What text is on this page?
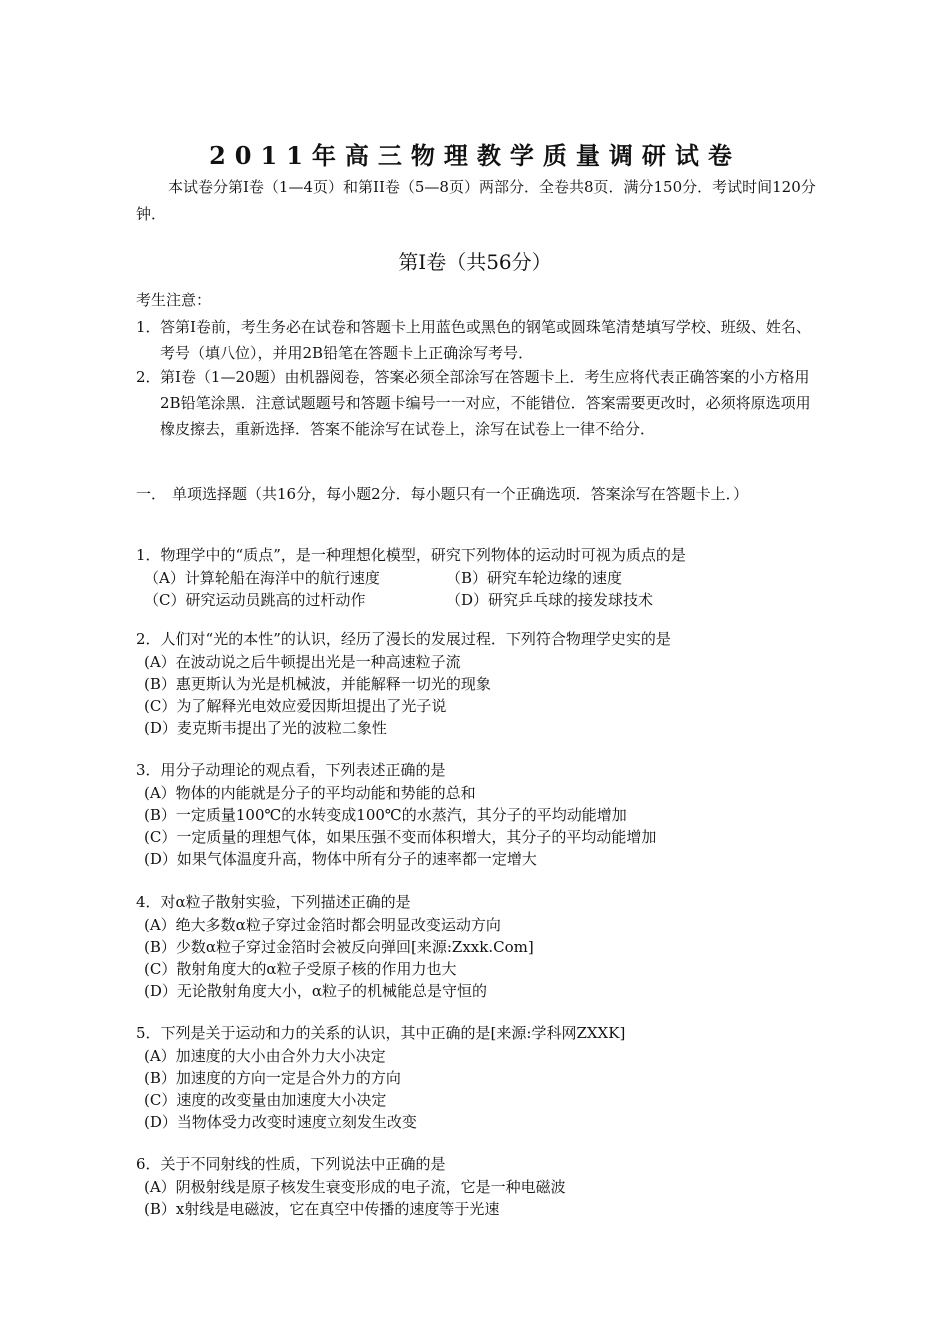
2011年高三物理教学质量调研试卷
本试卷分第I卷（1—4页）和第II卷（5—8页）两部分．全卷共8页．满分150分．考试时间120分钟．
第I卷（共56分）
考生注意：
1． 答第I卷前，考生务必在试卷和答题卡上用蓝色或黑色的钢笔或圆珠笔清楚填写学校、班级、姓名、考号（填八位），并用2B铅笔在答题卡上正确涂写考号．
2． 第I卷（1—20题）由机器阅卷，答案必须全部涂写在答题卡上．考生应将代表正确答案的小方格用2B铅笔涂黑．注意试题题号和答题卡编号一一对应，不能错位．答案需要更改时，必须将原选项用橡皮擦去，重新选择．答案不能涂写在试卷上，涂写在试卷上一律不给分．
一． 单项选择题（共16分，每小题2分．每小题只有一个正确选项．答案涂写在答题卡上．）
1．物理学中的“质点”，是一种理想化模型，研究下列物体的运动时可视为质点的是
（A）计算轮船在海洋中的航行速度	（B）研究车轮边缘的速度
（C）研究运动员跳高的过杆动作	（D）研究乒乓球的接发球技术
2．人们对“光的本性”的认识，经历了漫长的发展过程．下列符合物理学史实的是
(A）在波动说之后牛顿提出光是一种高速粒子流
(B）惠更斯认为光是机械波，并能解释一切光的现象
(C）为了解释光电效应爱因斯坦提出了光子说
(D）麦克斯韦提出了光的波粒二象性
3．用分子动理论的观点看，下列表述正确的是
(A）物体的内能就是分子的平均动能和势能的总和
(B）一定质量100℃的水转变成100℃的水蒸汽，其分子的平均动能增加
(C）一定质量的理想气体，如果压强不变而体积增大，其分子的平均动能增加
(D）如果气体温度升高，物体中所有分子的速率都一定增大
4．对α粒子散射实验，下列描述正确的是
(A）绝大多数α粒子穿过金箔时都会明显改变运动方向
(B）少数α粒子穿过金箔时会被反向弹回[来源:Zxxk.Com]
(C）散射角度大的α粒子受原子核的作用力也大
(D）无论散射角度大小，α粒子的机械能总是守恒的
5．下列是关于运动和力的关系的认识，其中正确的是[来源:学科网ZXXK]
(A）加速度的大小由合外力大小决定
(B）加速度的方向一定是合外力的方向
(C）速度的改变量由加速度大小决定
(D）当物体受力改变时速度立刻发生改变
6．关于不同射线的性质，下列说法中正确的是
(A）阴极射线是原子核发生衰变形成的电子流，它是一种电磁波
(B）x射线是电磁波，它在真空中传播的速度等于光速
